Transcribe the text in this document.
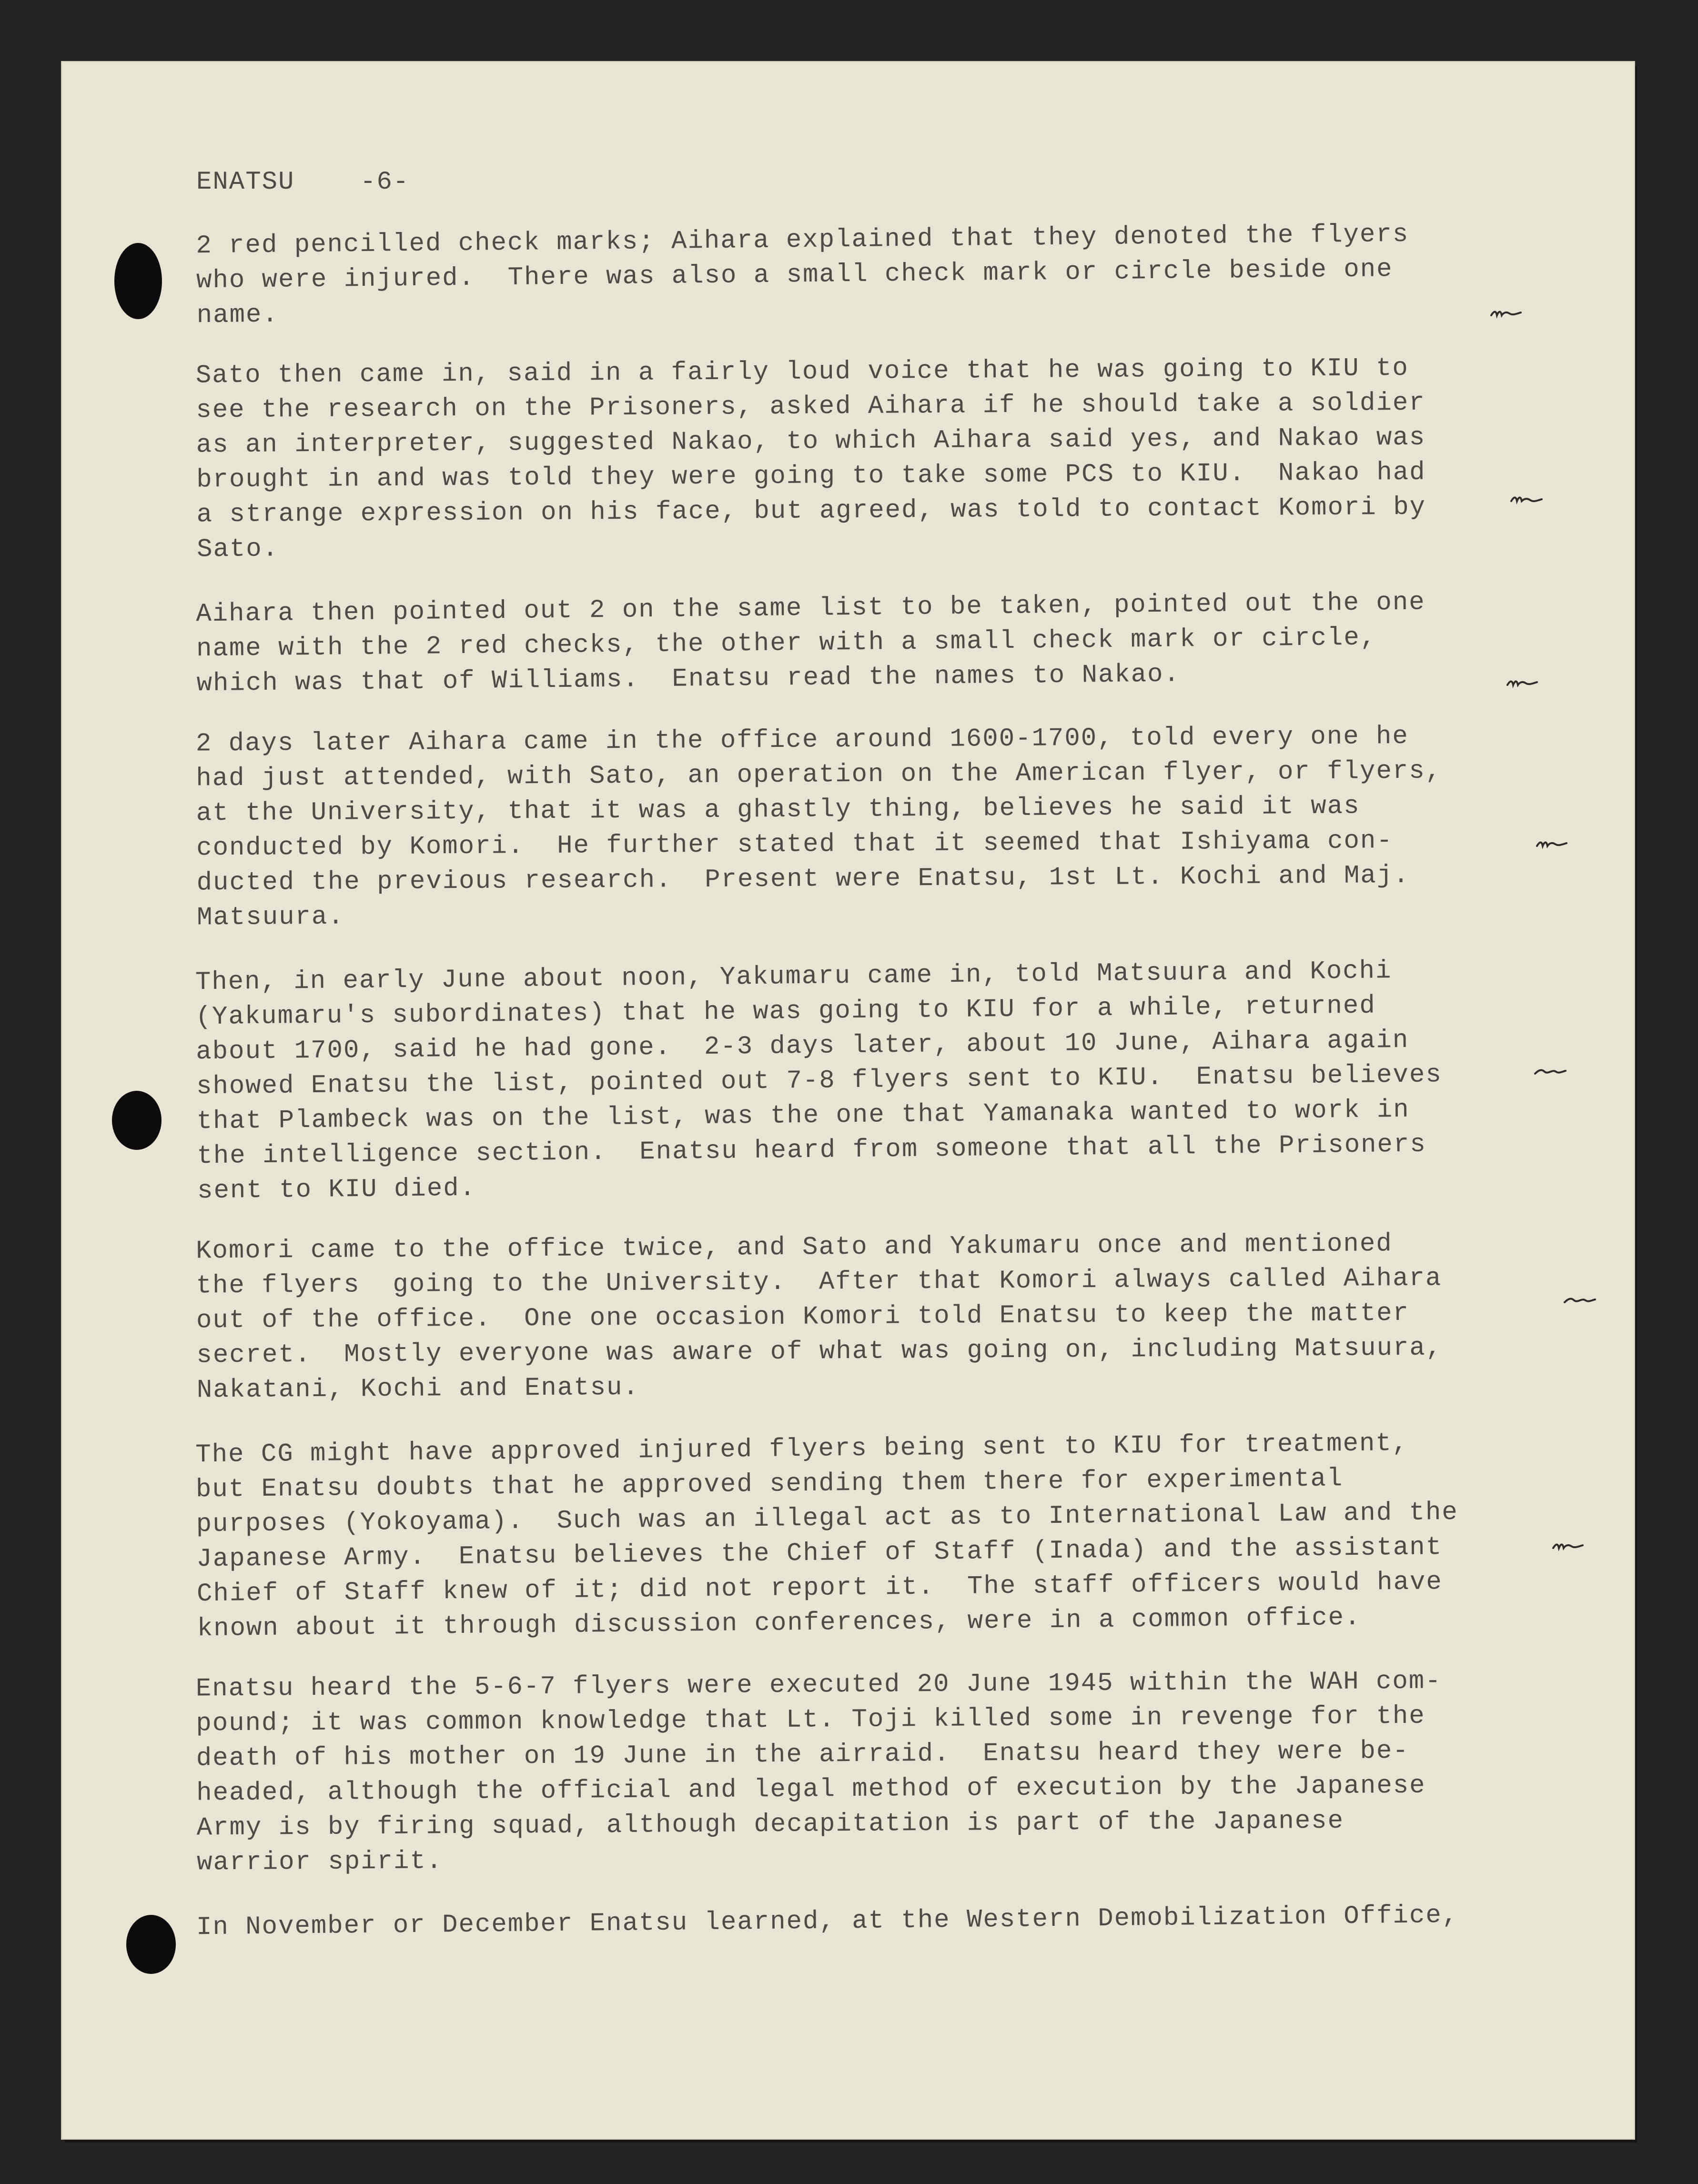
ENATSU	-6-
2 red pencilled check marks; Aihara explained that they denoted the flyers
who were injured.  There was also a small check mark or circle beside one
name.
Sato then came in, said in a fairly loud voice that he was going to KIU to
see the research on the Prisoners, asked Aihara if he should take a soldier
as an interpreter, suggested Nakao, to which Aihara said yes, and Nakao was
brought in and was told they were going to take some PCS to KIU.  Nakao had
a strange expression on his face, but agreed, was told to contact Komori by
Sato.
Aihara then pointed out 2 on the same list to be taken, pointed out the one
name with the 2 red checks, the other with a small check mark or circle,
which was that of Williams.  Enatsu read the names to Nakao.
2 days later Aihara came in the office around 1600-1700, told every one he
had just attended, with Sato, an operation on the American flyer, or flyers,
at the University, that it was a ghastly thing, believes he said it was
conducted by Komori.  He further stated that it seemed that Ishiyama con-
ducted the previous research.  Present were Enatsu, 1st Lt. Kochi and Maj.
Matsuura.
Then, in early June about noon, Yakumaru came in, told Matsuura and Kochi
(Yakumaru's subordinates) that he was going to KIU for a while, returned
about 1700, said he had gone.  2-3 days later, about 10 June, Aihara again
showed Enatsu the list, pointed out 7-8 flyers sent to KIU.  Enatsu believes
that Plambeck was on the list, was the one that Yamanaka wanted to work in
the intelligence section.  Enatsu heard from someone that all the Prisoners
sent to KIU died.
Komori came to the office twice, and Sato and Yakumaru once and mentioned
the flyers  going to the University.  After that Komori always called Aihara
out of the office.  One one occasion Komori told Enatsu to keep the matter
secret.  Mostly everyone was aware of what was going on, including Matsuura,
Nakatani, Kochi and Enatsu.
The CG might have approved injured flyers being sent to KIU for treatment,
but Enatsu doubts that he approved sending them there for experimental
purposes (Yokoyama).  Such was an illegal act as to International Law and the
Japanese Army.  Enatsu believes the Chief of Staff (Inada) and the assistant
Chief of Staff knew of it; did not report it.  The staff officers would have
known about it through discussion conferences, were in a common office.
Enatsu heard the 5-6-7 flyers were executed 20 June 1945 within the WAH com-
pound; it was common knowledge that Lt. Toji killed some in revenge for the
death of his mother on 19 June in the airraid.  Enatsu heard they were be-
headed, although the official and legal method of execution by the Japanese
Army is by firing squad, although decapitation is part of the Japanese
warrior spirit.
In November or December Enatsu learned, at the Western Demobilization Office,
